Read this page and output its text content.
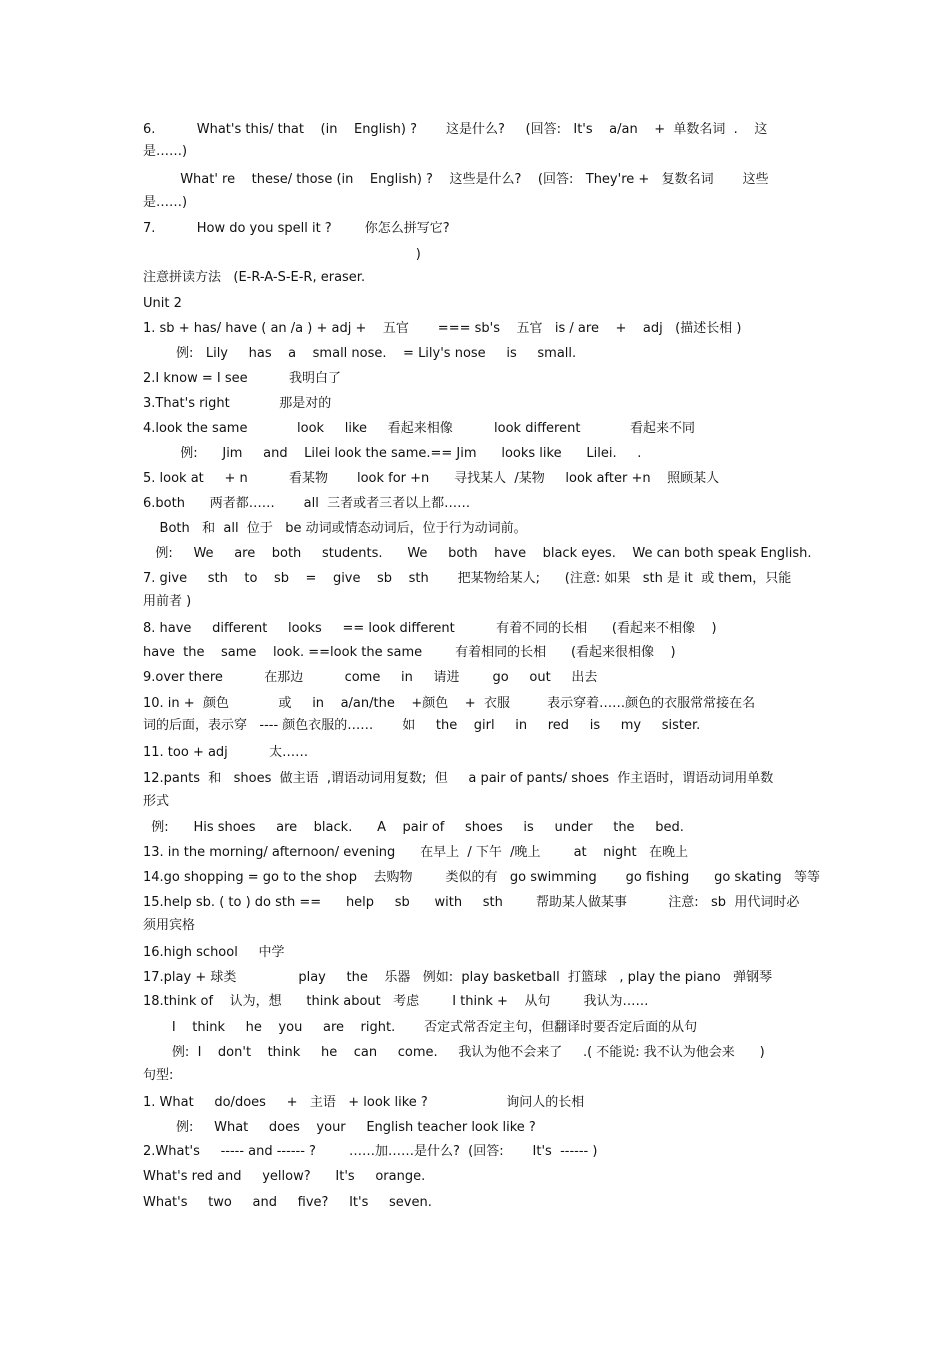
6.          What's this/ that    (in    English) ?       这是什么?     (回答:   It's    a/an    +  单数名词  .    这
是……)
What' re    these/ those (in    English) ?    这些是什么?    (回答:   They're +   复数名词       这些
是……)
7.          How do you spell it ?        你怎么拼写它?
)
注意拼读方法   (E-R-A-S-E-R, eraser.
Unit 2
1. sb + has/ have ( an /a ) + adj +    五官       === sb's    五官   is / are    +    adj   (描述长相 )
例:   Lily     has    a    small nose.    = Lily's nose     is     small.
2.I know = I see          我明白了
3.That's right            那是对的
4.look the same            look     like     看起来相像          look different            看起来不同
例:      Jim     and    Lilei look the same.== Jim      looks like      Lilei.     .
5. look at     + n          看某物       look for +n      寻找某人  /某物     look after +n    照顾某人
6.both      两者都……       all  三者或者三者以上都……
Both   和  all  位于   be 动词或情态动词后，位于行为动词前。
例:     We     are    both     students.      We     both    have    black eyes.    We can both speak English.
7. give     sth    to    sb    =    give    sb    sth       把某物给某人;      (注意: 如果   sth 是 it  或 them，只能
用前者 )
8. have     different     looks     == look different          有着不同的长相      (看起来不相像    )
have  the    same    look. ==look the same        有着相同的长相      (看起来很相像    )
9.over there          在那边          come     in     请进        go     out     出去
10. in +  颜色            或     in    a/an/the    +颜色    +  衣服         表示穿着……颜色的衣服常常接在名
词的后面，表示穿   ---- 颜色衣服的……       如     the    girl     in     red     is     my     sister.
11. too + adj          太……
12.pants  和   shoes  做主语  ,谓语动词用复数;  但     a pair of pants/ shoes  作主语时，谓语动词用单数
形式
例:      His shoes     are    black.      A    pair of     shoes     is     under     the     bed.
13. in the morning/ afternoon/ evening      在早上  / 下午  /晚上        at    night   在晚上
14.go shopping = go to the shop    去购物        类似的有   go swimming       go fishing      go skating   等等
15.help sb. ( to ) do sth ==      help     sb      with     sth        帮助某人做某事          注意:   sb  用代词时必
须用宾格
16.high school     中学
17.play + 球类               play     the    乐器   例如:  play basketball  打篮球   , play the piano   弹钢琴
18.think of    认为，想      think about   考虑        I think +    从句        我认为……
I    think     he    you     are    right.       否定式常否定主句，但翻译时要否定后面的从句
例:  I    don't    think     he    can     come.     我认为他不会来了     .( 不能说: 我不认为他会来      )
句型:
1. What     do/does     +   主语   + look like ?                   询问人的长相
例:     What     does    your     English teacher look like ?
2.What's     ----- and ------ ?        ……加……是什么?  (回答:       It's  ------ )
What's red and     yellow?      It's     orange.
What's     two     and     five?     It's     seven.
